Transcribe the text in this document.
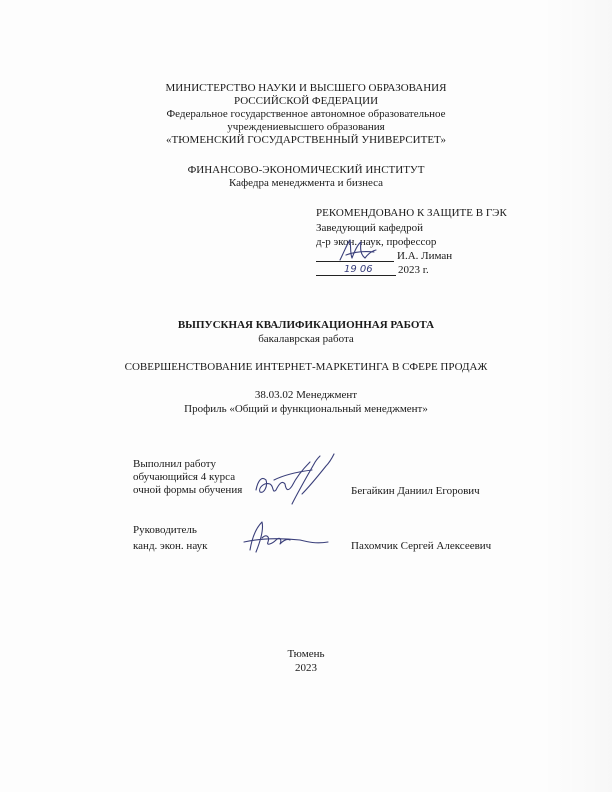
МИНИСТЕРСТВО НАУКИ И ВЫСШЕГО ОБРАЗОВАНИЯ
РОССИЙСКОЙ ФЕДЕРАЦИИ
Федеральное государственное автономное образовательное
учреждениевысшего образования
«ТЮМЕНСКИЙ ГОСУДАРСТВЕННЫЙ УНИВЕРСИТЕТ»
ФИНАНСОВО-ЭКОНОМИЧЕСКИЙ ИНСТИТУТ
Кафедра менеджмента и бизнеса
РЕКОМЕНДОВАНО К ЗАЩИТЕ В ГЭК
Заведующий кафедрой
д-р экон. наук, профессор
И.А. Лиман
19 06 2023 г.
ВЫПУСКНАЯ КВАЛИФИКАЦИОННАЯ РАБОТА
бакалаврская работа
СОВЕРШЕНСТВОВАНИЕ ИНТЕРНЕТ-МАРКЕТИНГА В СФЕРЕ ПРОДАЖ
38.03.02 Менеджмент
Профиль «Общий и функциональный менеджмент»
Выполнил работу
обучающийся 4 курса
очной формы обучения	Бегайкин Даниил Егорович
Руководитель
канд. экон. наук	Пахомчик Сергей Алексеевич
Тюмень
2023
